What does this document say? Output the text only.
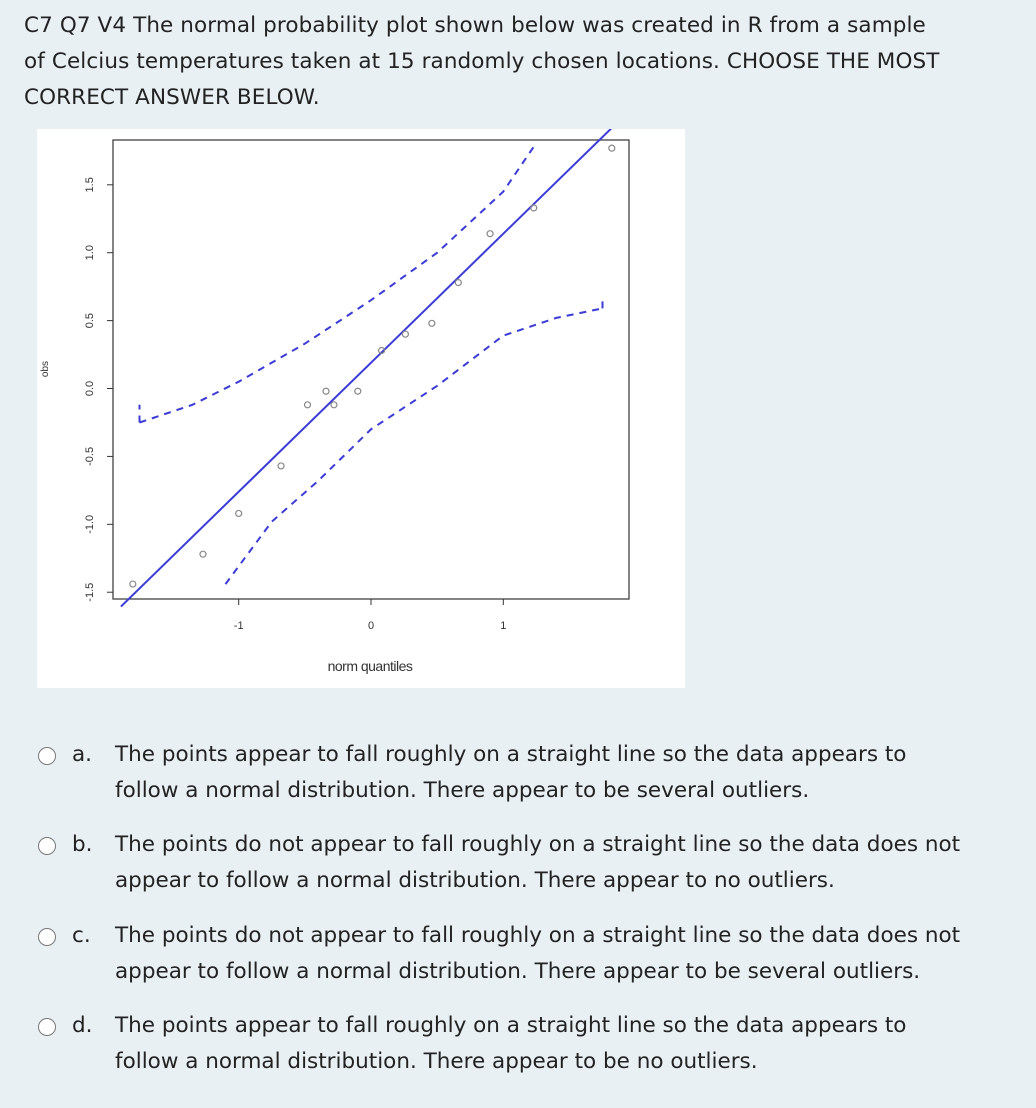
C7 Q7 V4 The normal probability plot shown below was created in R from a sample
of Celcius temperatures taken at 15 randomly chosen locations. CHOOSE THE MOST
CORRECT ANSWER BELOW.

-1.5
-1.0
-0.5
0.0
0.5
1.0
1.5
-1	0	1
norm quantiles
obs
a. The points appear to fall roughly on a straight line so the data appears to
follow a normal distribution. There appear to be several outliers.
b. The points do not appear to fall roughly on a straight line so the data does not
appear to follow a normal distribution. There appear to no outliers.
c. The points do not appear to fall roughly on a straight line so the data does not
appear to follow a normal distribution. There appear to be several outliers.
d. The points appear to fall roughly on a straight line so the data appears to
follow a normal distribution. There appear to be no outliers.
